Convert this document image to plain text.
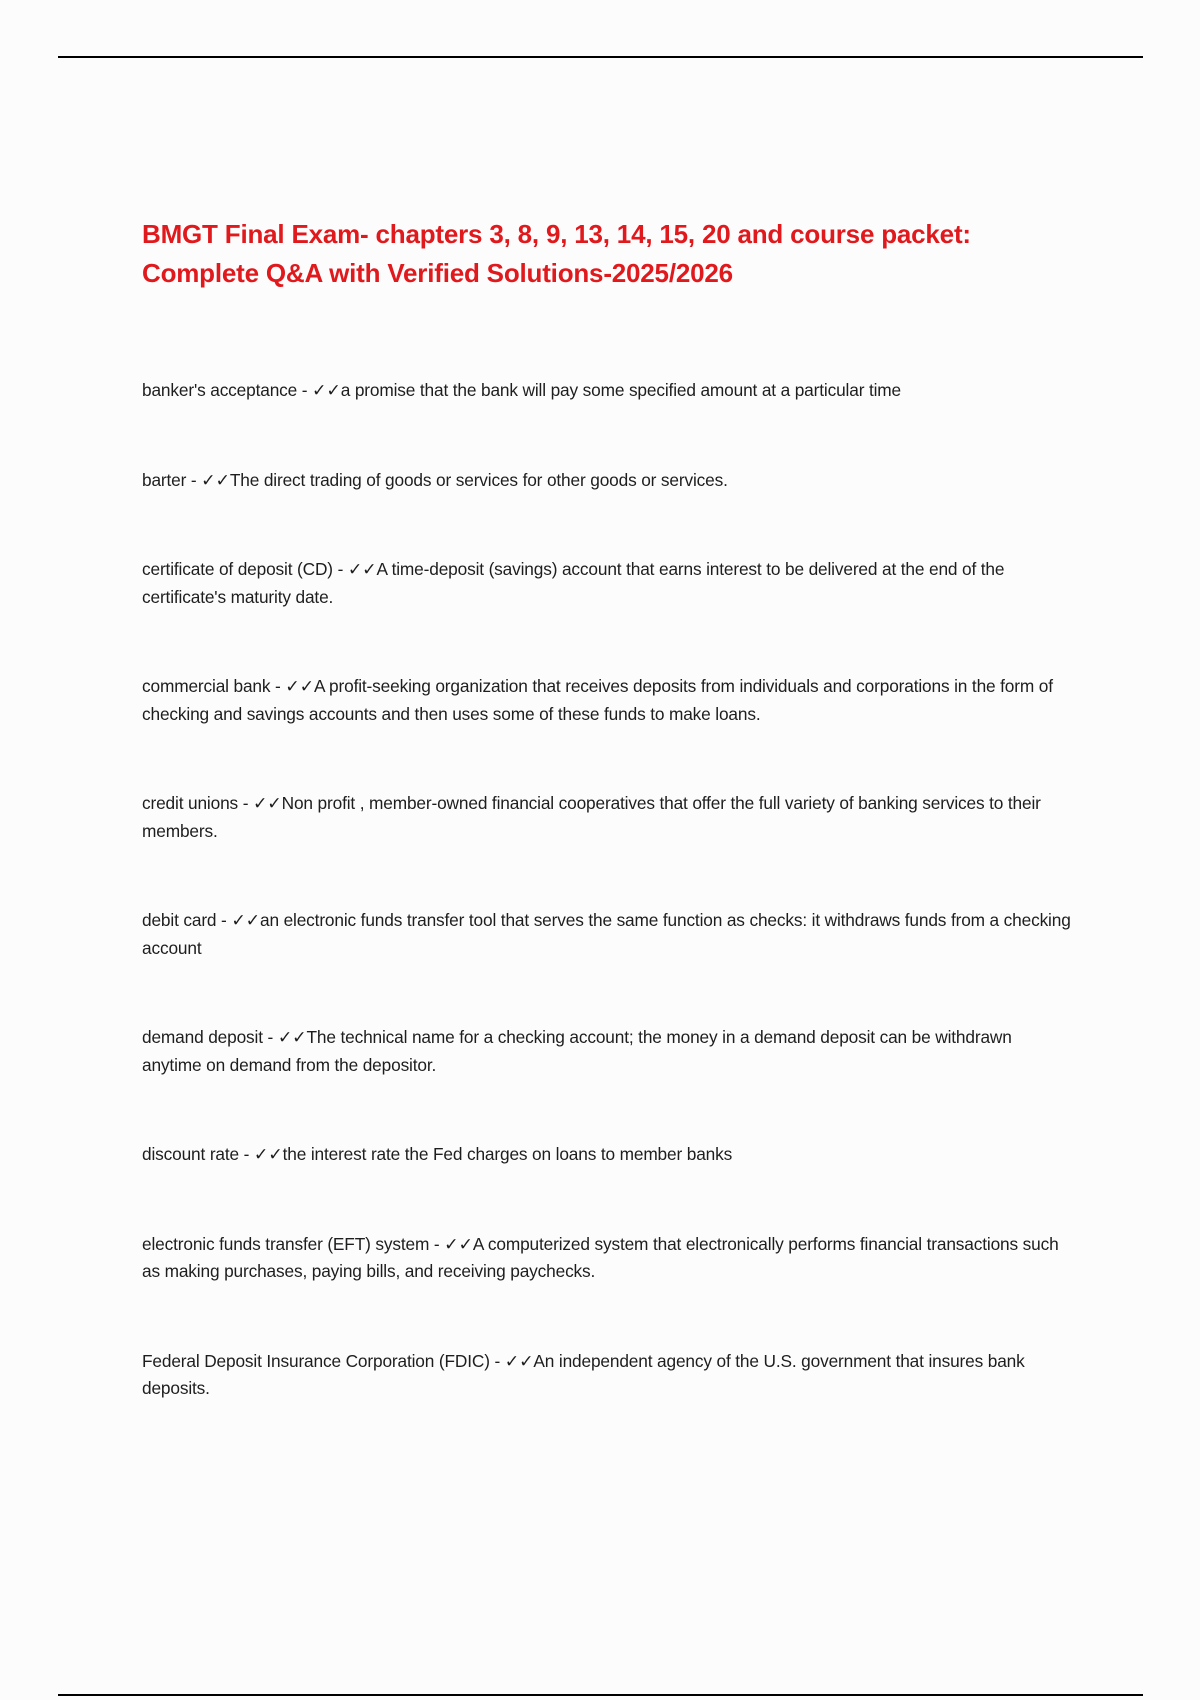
BMGT Final Exam- chapters 3, 8, 9, 13, 14, 15, 20 and course packet: Complete Q&A with Verified Solutions-2025/2026

banker's acceptance - ✓✓a promise that the bank will pay some specified amount at a particular time

barter - ✓✓The direct trading of goods or services for other goods or services.

certificate of deposit (CD) - ✓✓A time-deposit (savings) account that earns interest to be delivered at the end of the certificate's maturity date.

commercial bank - ✓✓A profit-seeking organization that receives deposits from individuals and corporations in the form of checking and savings accounts and then uses some of these funds to make loans.

credit unions - ✓✓Non profit , member-owned financial cooperatives that offer the full variety of banking services to their members.

debit card - ✓✓an electronic funds transfer tool that serves the same function as checks: it withdraws funds from a checking account

demand deposit - ✓✓The technical name for a checking account; the money in a demand deposit can be withdrawn anytime on demand from the depositor.

discount rate - ✓✓the interest rate the Fed charges on loans to member banks

electronic funds transfer (EFT) system - ✓✓A computerized system that electronically performs financial transactions such as making purchases, paying bills, and receiving paychecks.

Federal Deposit Insurance Corporation (FDIC) - ✓✓An independent agency of the U.S. government that insures bank deposits.
